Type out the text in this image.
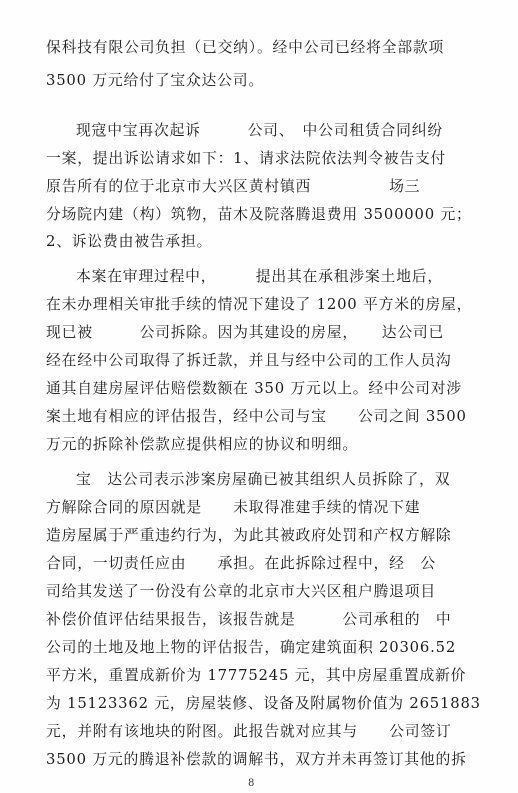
保科技有限公司负担（已交纳）。经中公司已经将全部款项
3500 万元给付了宝众达公司。
现寇中宝再次起诉　　　公司、　中公司租赁合同纠纷
一案，提出诉讼请求如下：1、请求法院依法判令被告支付
原告所有的位于北京市大兴区黄村镇西　　　　　场三
分场院内建（构）筑物，苗木及院落腾退费用 3500000 元；
2、诉讼费由被告承担。
本案在审理过程中，　　　提出其在承租涉案土地后，
在未办理相关审批手续的情况下建设了 1200 平方米的房屋，
现已被　　　公司拆除。因为其建设的房屋，　　达公司已
经在经中公司取得了拆迁款，并且与经中公司的工作人员沟
通其自建房屋评估赔偿数额在 350 万元以上。经中公司对涉
案土地有相应的评估报告，经中公司与宝　　公司之间 3500
万元的拆除补偿款应提供相应的协议和明细。
宝　达公司表示涉案房屋确已被其组织人员拆除了，双
方解除合同的原因就是　　未取得准建手续的情况下建
造房屋属于严重违约行为，为此其被政府处罚和产权方解除
合同，一切责任应由　　承担。在此拆除过程中，经　公
司给其发送了一份没有公章的北京市大兴区租户腾退项目
补偿价值评估结果报告，该报告就是　　　公司承租的　中
公司的土地及地上物的评估报告，确定建筑面积 20306.52
平方米，重置成新价为 17775245 元，其中房屋重置成新价
为 15123362 元，房屋装修、设备及附属物价值为 2651883
元，并附有该地块的附图。此报告就对应其与　　公司签订
3500 万元的腾退补偿款的调解书，双方并未再签订其他的拆
8
